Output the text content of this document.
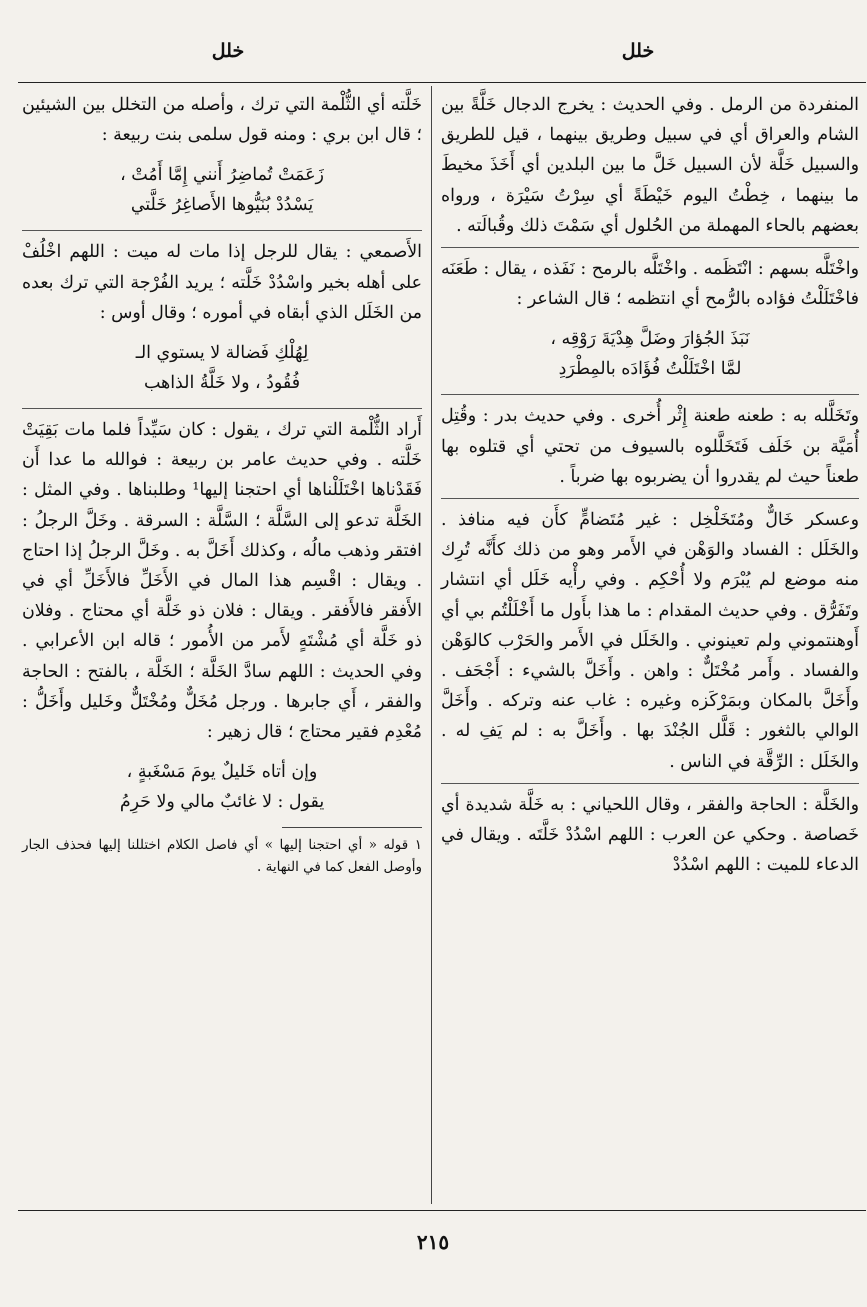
خلل	خلل

المنفردة من الرمل . وفي الحديث : يخرج الدجال خَلَّةً بين الشام والعراق أي في سبيل وطريق بينهما ، قيل للطريق والسبيل خَلَّة لأن السبيل خَلَّ ما بين البلدين أي أَخَذَ مخيطَ ما بينهما ، خِطْتُ اليوم خَيْطَةً أي سِرْتُ سَيْرَة ، ورواه بعضهم بالحاء المهملة من الحُلول أي سَمْتَ ذلك وقُبالَته .

واخْتَلَّه بسهم : انْتَظَمه . واخْتَلَّه بالرمح : نَفَذه ، يقال : طَعَنَه فاخْتَلَلْتُ فؤاده بالرُّمح أي انتظمه ؛ قال الشاعر :

نَبَذَ الجُؤارَ وضَلَّ هِدْيَةَ رَوْقِه ،
لمَّا اخْتَلَلْتُ فُؤَادَه بالمِطْرَدِ

وتَخَلَّله به : طعنه طعنة إِثْر أُخرى . وفي حديث بدر : وقُتِل أُمَيَّة بن خَلَف فَتَخَلَّلوه بالسيوف من تحتي أي قتلوه بها طعناً حيث لم يقدروا أن يضربوه بها ضرباً .

وعسكر خَالٌّ ومُتَخَلْخِل : غير مُتَضامٍّ كأَن فيه منافذ . والخَلَل : الفساد والوَهْن في الأَمر وهو من ذلك كأَنَّه تُرِك منه موضع لم يُبْرَم ولا أُحْكِم . وفي رأْيه خَلَل أي انتشار وتَفَرُّق . وفي حديث المقدام : ما هذا بأَول ما أَخْلَلْتُم بي أي أَوهنتموني ولم تعينوني . والخَلَل في الأَمر والحَرْب كالوَهْن والفساد . وأَمر مُخْتَلٌّ : واهن . وأَخَلَّ بالشيء : أَجْحَف . وأَخَلَّ بالمكان وبمَرْكَزه وغيره : غاب عنه وتركه . وأَخَلَّ الوالي بالثغور : قَلَّل الجُنْدَ بها . وأَخَلَّ به : لم يَفِ له . والخَلَل : الرِّقَّة في الناس .

والخَلَّة : الحاجة والفقر ، وقال اللحياني : به خَلَّة شديدة أي خَصاصة . وحكي عن العرب : اللهم اسْدُدْ خَلَّتَه . ويقال في الدعاء للميت : اللهم اسْدُدْ

خَلَّته أي الثُّلْمة التي ترك ، وأصله من التخلل بين الشيئين ؛ قال ابن بري : ومنه قول سلمى بنت ربيعة :

زَعَمَتْ تُماضِرُ أَنني إِمَّا أَمُتْ ،
يَسْدُدْ بُنَيُّوها الأَصاغِرُ خَلَّتي

الأَصمعي : يقال للرجل إذا مات له ميت : اللهم اخْلُفْ على أهله بخير واسْدُدْ خَلَّته ؛ يريد الفُرْجة التي ترك بعده من الخَلَل الذي أبقاه في أموره ؛ وقال أوس :

لِهُلْكِ فَضالة لا يستوي الـ
فُقُودُ ، ولا خَلَّةُ الذاهب

أَراد الثُّلْمة التي ترك ، يقول : كان سَيِّداً فلما مات بَقِيَتْ خَلَّته . وفي حديث عامر بن ربيعة : فوالله ما عدا أَن فَقَدْناها اخْتَلَلْناها أي احتجنا إليها¹ وطلبناها . وفي المثل : الخَلَّة تدعو إلى السَّلَّة ؛ السَّلَّة : السرقة . وخَلَّ الرجلُ : افتقر وذهب مالُه ، وكذلك أَخَلَّ به . وخَلَّ الرجلُ إذا احتاج . ويقال : اقْسِم هذا المال في الأَخَلِّ فالأَخَلِّ أي في الأَفقر فالأَفقر . ويقال : فلان ذو خَلَّة أي محتاج . وفلان ذو خَلَّة أي مُشْتَهٍ لأَمر من الأُمور ؛ قاله ابن الأعرابي . وفي الحديث : اللهم سادَّ الخَلَّة ؛ الخَلَّة ، بالفتح : الحاجة والفقر ، أَي جابرها . ورجل مُخَلٌّ ومُخْتَلٌّ وخَليل وأَخَلُّ : مُعْدِم فقير محتاج ؛ قال زهير :

وإن أتاه خَليلٌ يومَ مَسْغَبةٍ ،
يقول : لا غائبٌ مالي ولا حَرِمُ

١ قوله « أي احتجنا إليها » أي فاصل الكلام اختللنا إليها فحذف الجار وأوصل الفعل كما في النهاية .

٢١٥
